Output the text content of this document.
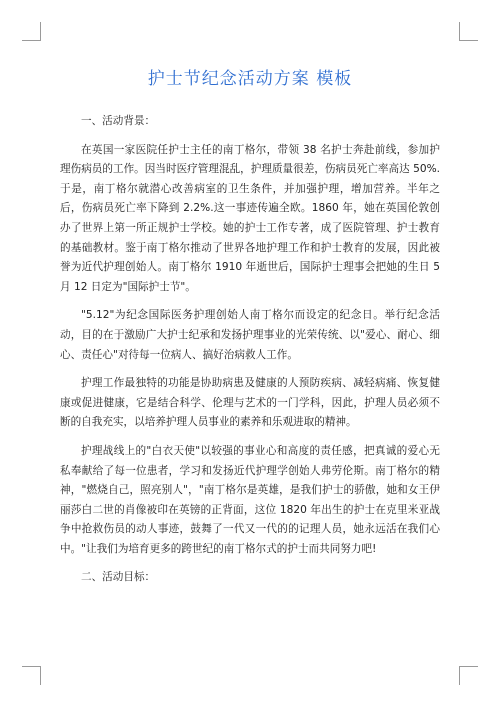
护士节纪念活动方案 模板

一、活动背景：

在英国一家医院任护士主任的南丁格尔，带领 38 名护士奔赴前线，参加护理伤病员的工作。因当时医疗管理混乱，护理质量很差，伤病员死亡率高达 50%.于是，南丁格尔就潜心改善病室的卫生条件，并加强护理，增加营养。半年之后，伤病员死亡率下降到 2.2%.这一事迹传遍全欧。1860 年，她在英国伦敦创办了世界上第一所正规护士学校。她的护士工作专著，成了医院管理、护士教育的基础教材。鉴于南丁格尔推动了世界各地护理工作和护士教育的发展，因此被誉为近代护理创始人。南丁格尔 1910 年逝世后，国际护士理事会把她的生日 5 月 12 日定为"国际护士节"。

"5.12"为纪念国际医务护理创始人南丁格尔而设定的纪念日。举行纪念活动，目的在于激励广大护士纪承和发扬护理事业的光荣传统、以"爱心、耐心、细心、责任心"对待每一位病人、搞好治病救人工作。

护理工作最独特的功能是协助病患及健康的人预防疾病、减轻病痛、恢复健康或促进健康，它是结合科学、伦理与艺术的一门学科，因此，护理人员必须不断的自我充实，以培养护理人员事业的素养和乐观进取的精神。

护理战线上的"白衣天使"以较强的事业心和高度的责任感，把真诚的爱心无私奉献给了每一位患者，学习和发扬近代护理学创始人弗劳伦斯。南丁格尔的精神，"燃烧自己，照亮别人"，"南丁格尔是英雄，是我们护士的骄傲，她和女王伊丽莎白二世的肖像被印在英镑的正背面，这位 1820 年出生的护士在克里米亚战争中抢救伤员的动人事迹，鼓舞了一代又一代的的记理人员，她永远活在我们心中。"让我们为培育更多的跨世纪的南丁格尔式的护士而共同努力吧!

二、活动目标：
